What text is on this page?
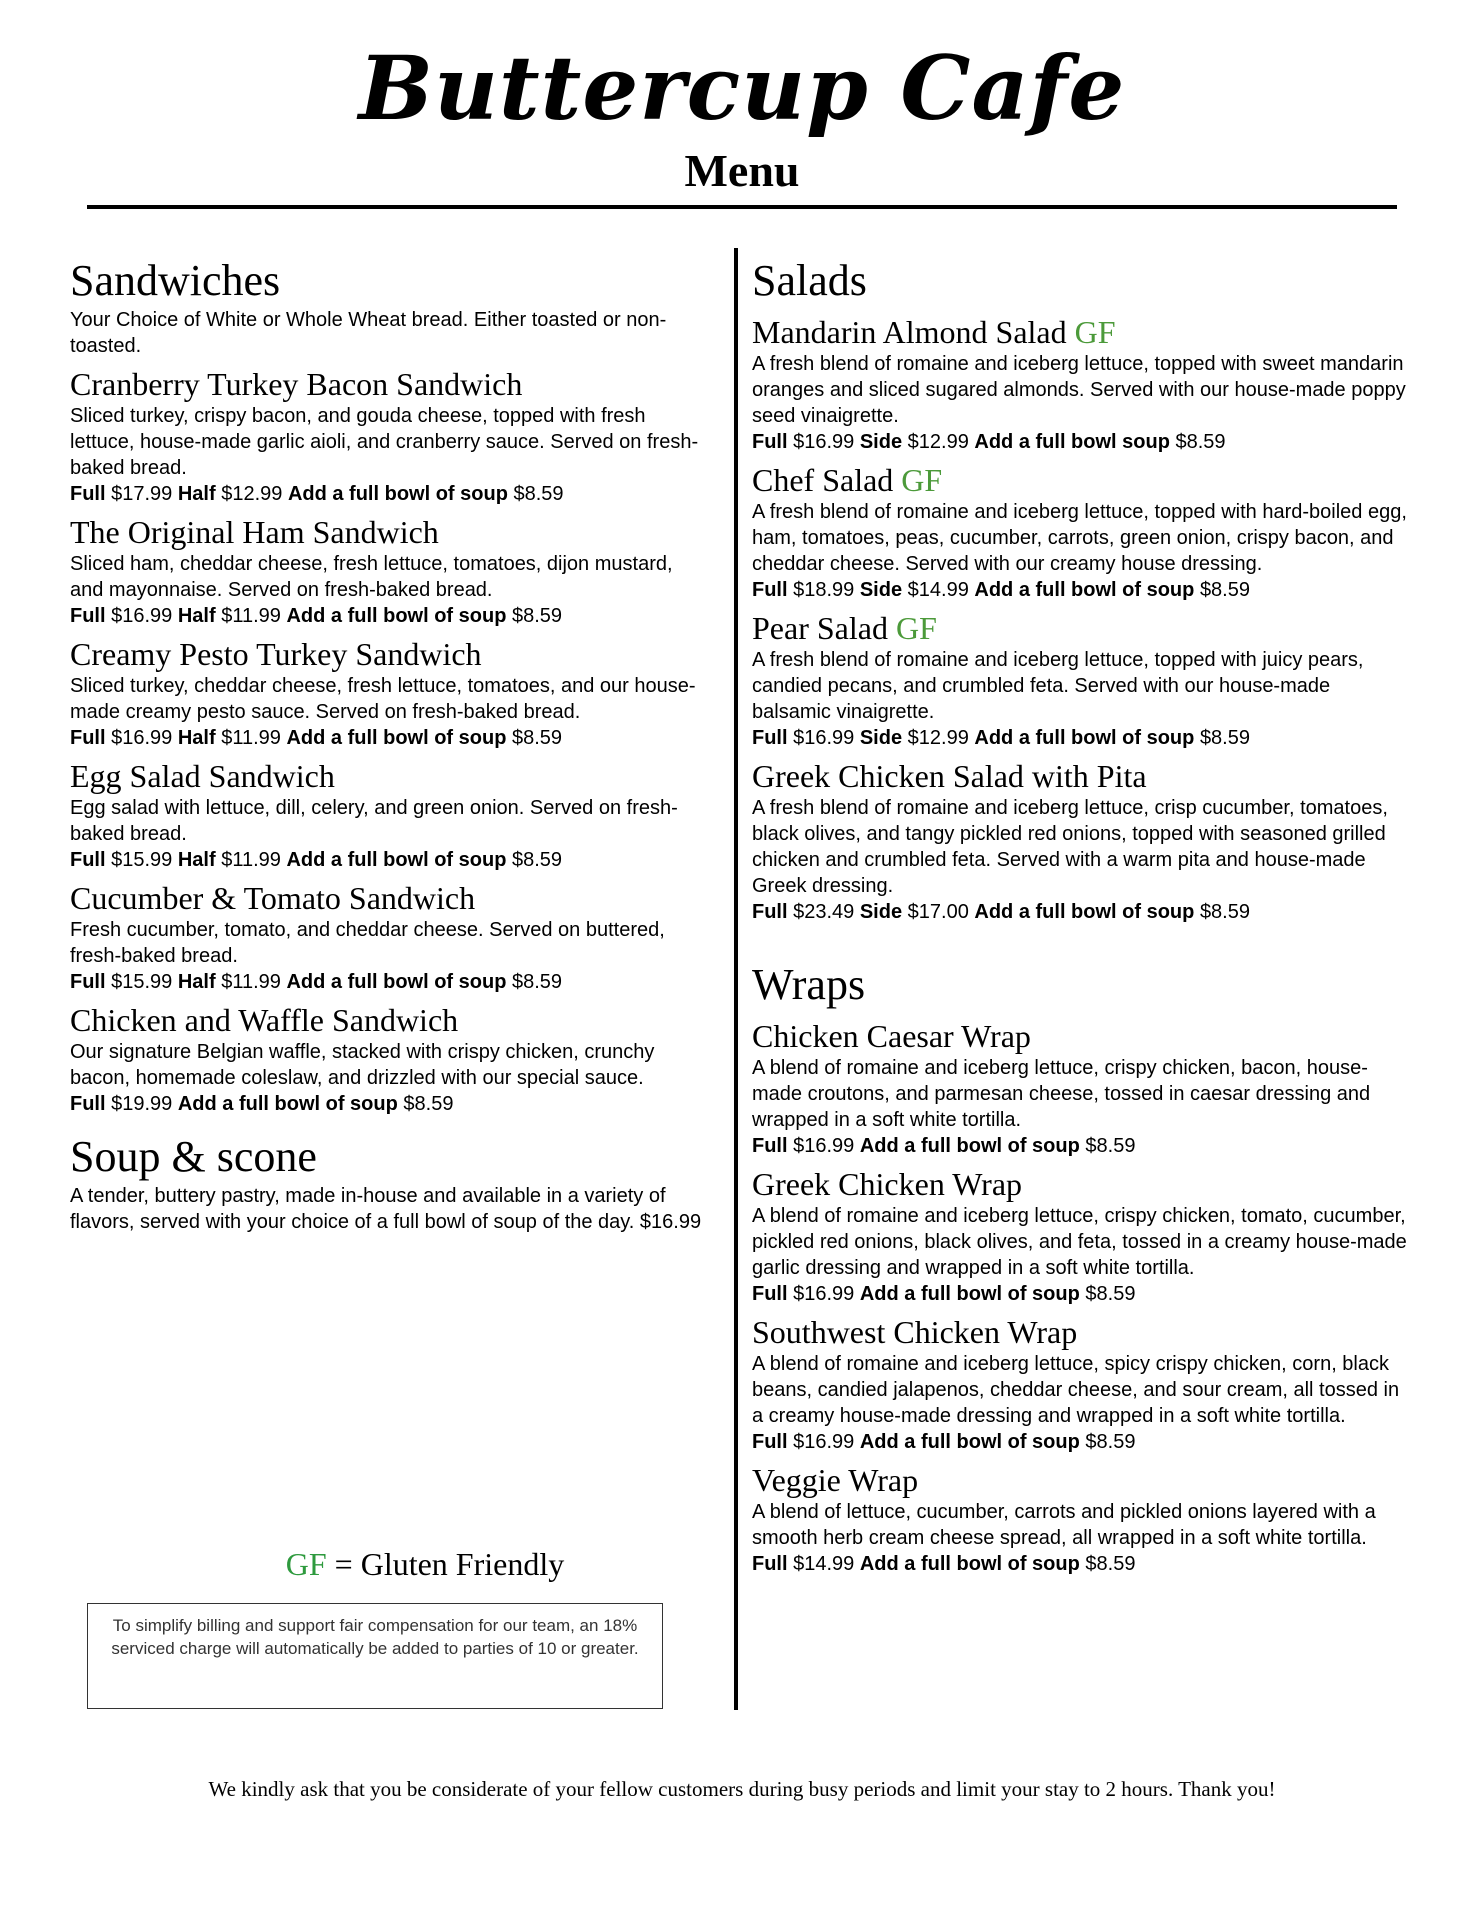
Buttercup Cafe
Menu
Sandwiches
Your Choice of White or Whole Wheat bread. Either toasted or non-toasted.
Cranberry Turkey Bacon Sandwich
Sliced turkey, crispy bacon, and gouda cheese, topped with fresh lettuce, house-made garlic aioli, and cranberry sauce. Served on fresh-baked bread.
Full $17.99 Half $12.99 Add a full bowl of soup $8.59
The Original Ham Sandwich
Sliced ham, cheddar cheese, fresh lettuce, tomatoes, dijon mustard, and mayonnaise. Served on fresh-baked bread.
Full $16.99 Half $11.99 Add a full bowl of soup $8.59
Creamy Pesto Turkey Sandwich
Sliced turkey, cheddar cheese, fresh lettuce, tomatoes, and our house-made creamy pesto sauce. Served on fresh-baked bread.
Full $16.99 Half $11.99 Add a full bowl of soup $8.59
Egg Salad Sandwich
Egg salad with lettuce, dill, celery, and green onion. Served on fresh-baked bread.
Full $15.99 Half $11.99 Add a full bowl of soup $8.59
Cucumber & Tomato Sandwich
Fresh cucumber, tomato, and cheddar cheese. Served on buttered, fresh-baked bread.
Full $15.99 Half $11.99 Add a full bowl of soup $8.59
Chicken and Waffle Sandwich
Our signature Belgian waffle, stacked with crispy chicken, crunchy bacon, homemade coleslaw, and drizzled with our special sauce.
Full $19.99 Add a full bowl of soup $8.59
Soup & scone
A tender, buttery pastry, made in-house and available in a variety of flavors, served with your choice of a full bowl of soup of the day. $16.99
Salads
Mandarin Almond Salad GF
A fresh blend of romaine and iceberg lettuce, topped with sweet mandarin oranges and sliced sugared almonds. Served with our house-made poppy seed vinaigrette.
Full $16.99 Side $12.99 Add a full bowl soup $8.59
Chef Salad GF
A fresh blend of romaine and iceberg lettuce, topped with hard-boiled egg, ham, tomatoes, peas, cucumber, carrots, green onion, crispy bacon, and cheddar cheese. Served with our creamy house dressing.
Full $18.99 Side $14.99 Add a full bowl of soup $8.59
Pear Salad GF
A fresh blend of romaine and iceberg lettuce, topped with juicy pears, candied pecans, and crumbled feta. Served with our house-made balsamic vinaigrette.
Full $16.99 Side $12.99 Add a full bowl of soup $8.59
Greek Chicken Salad with Pita
A fresh blend of romaine and iceberg lettuce, crisp cucumber, tomatoes, black olives, and tangy pickled red onions, topped with seasoned grilled chicken and crumbled feta. Served with a warm pita and house-made Greek dressing.
Full $23.49 Side $17.00 Add a full bowl of soup $8.59
Wraps
Chicken Caesar Wrap
A blend of romaine and iceberg lettuce, crispy chicken, bacon, house-made croutons, and parmesan cheese, tossed in caesar dressing and wrapped in a soft white tortilla.
Full $16.99 Add a full bowl of soup $8.59
Greek Chicken Wrap
A blend of romaine and iceberg lettuce, crispy chicken, tomato, cucumber, pickled red onions, black olives, and feta, tossed in a creamy house-made garlic dressing and wrapped in a soft white tortilla.
Full $16.99 Add a full bowl of soup $8.59
Southwest Chicken Wrap
A blend of romaine and iceberg lettuce, spicy crispy chicken, corn, black beans, candied jalapenos, cheddar cheese, and sour cream, all tossed in a creamy house-made dressing and wrapped in a soft white tortilla.
Full $16.99 Add a full bowl of soup $8.59
Veggie Wrap
A blend of lettuce, cucumber, carrots and pickled onions layered with a smooth herb cream cheese spread, all wrapped in a soft white tortilla.
Full $14.99 Add a full bowl of soup $8.59
GF = Gluten Friendly
To simplify billing and support fair compensation for our team, an 18% serviced charge will automatically be added to parties of 10 or greater.
We kindly ask that you be considerate of your fellow customers during busy periods and limit your stay to 2 hours. Thank you!
